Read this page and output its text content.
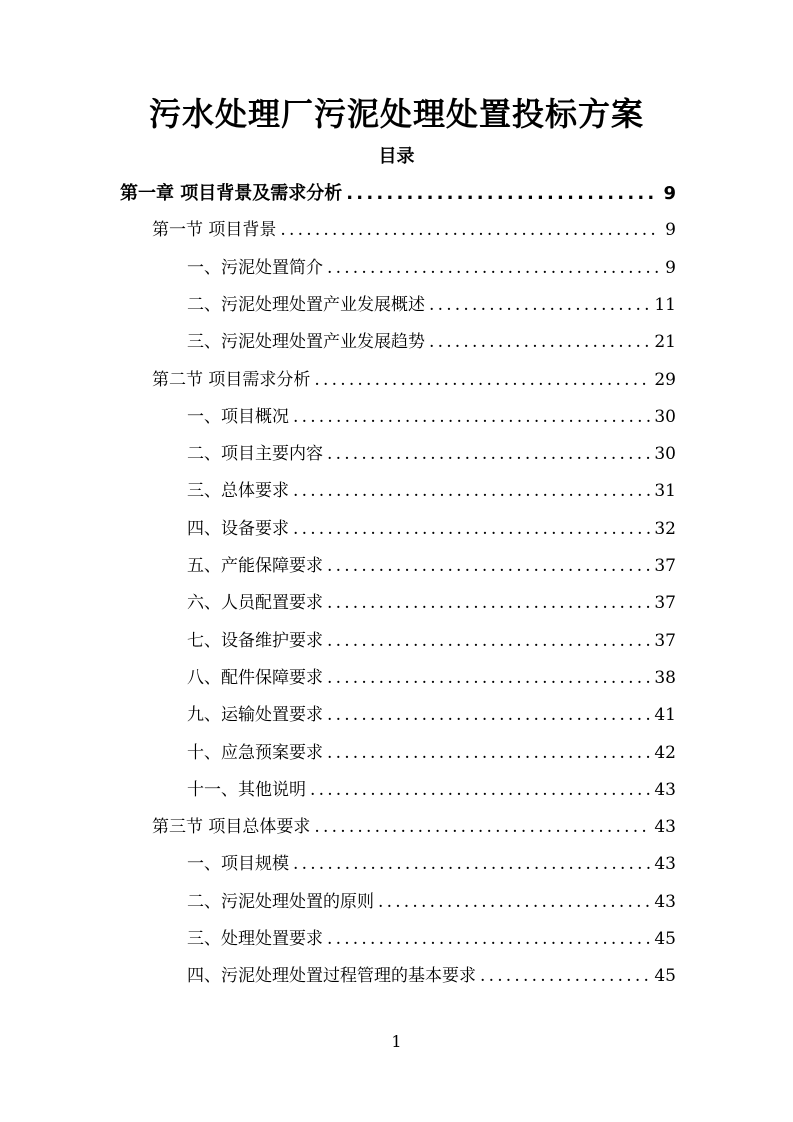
污水处理厂污泥处理处置投标方案
目录
第一章 项目背景及需求分析 .....	9
第一节 项目背景 .....	9
一、污泥处置简介 .....	9
二、污泥处理处置产业发展概述 .....	11
三、污泥处理处置产业发展趋势 .....	21
第二节 项目需求分析 .....	29
一、项目概况 .....	30
二、项目主要内容 .....	30
三、总体要求 .....	31
四、设备要求 .....	32
五、产能保障要求 .....	37
六、人员配置要求 .....	37
七、设备维护要求 .....	37
八、配件保障要求 .....	38
九、运输处置要求 .....	41
十、应急预案要求 .....	42
十一、其他说明 .....	43
第三节 项目总体要求 .....	43
一、项目规模 .....	43
二、污泥处理处置的原则 .....	43
三、处理处置要求 .....	45
四、污泥处理处置过程管理的基本要求 .....	45
1
